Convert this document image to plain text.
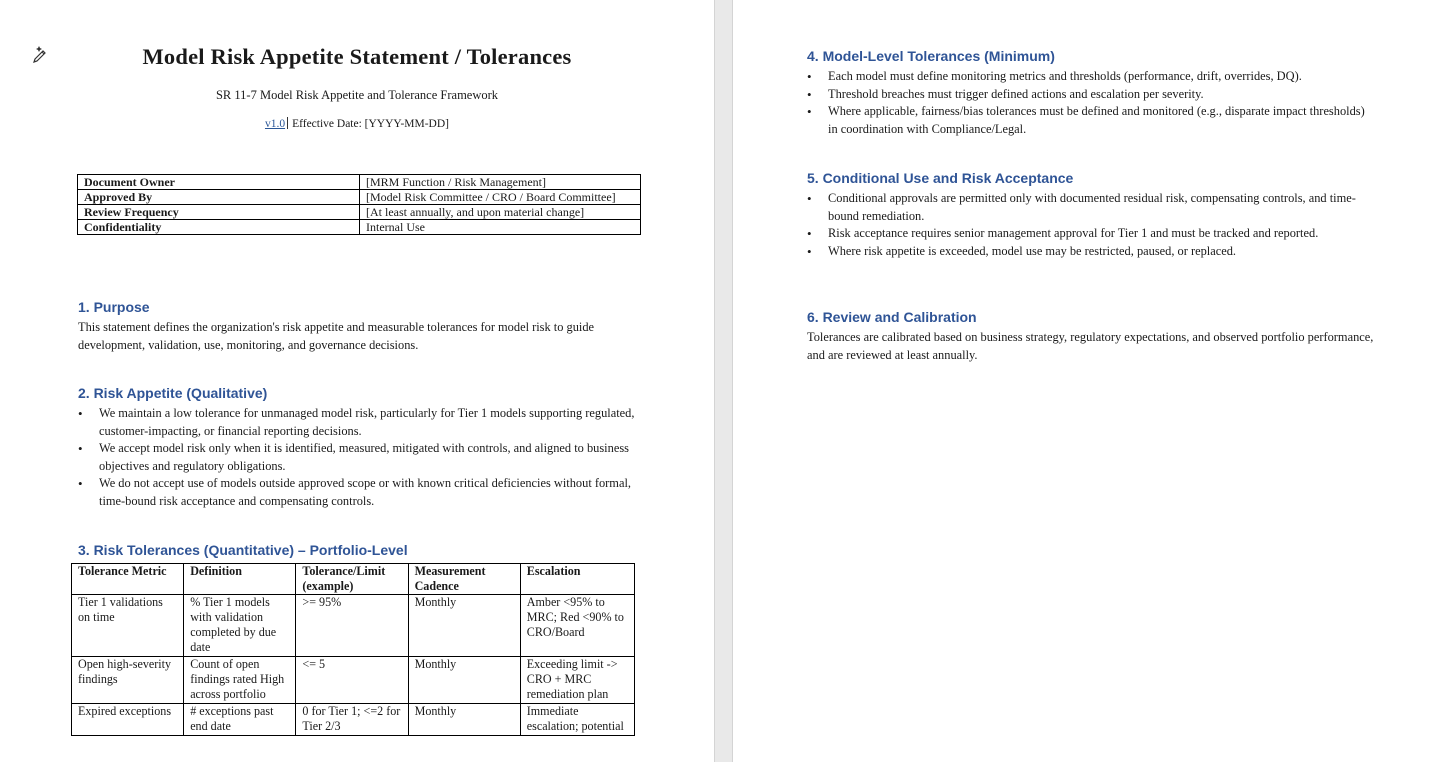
Model Risk Appetite Statement / Tolerances
SR 11-7 Model Risk Appetite and Tolerance Framework
v1.0 Effective Date: [YYYY-MM-DD]
Document Owner	[MRM Function / Risk Management]
Approved By	[Model Risk Committee / CRO / Board Committee]
Review Frequency	[At least annually, and upon material change]
Confidentiality	Internal Use
1. Purpose

This statement defines the organization's risk appetite and measurable tolerances for model risk to guide development, validation, use, monitoring, and governance decisions.

2. Risk Appetite (Qualitative)
• We maintain a low tolerance for unmanaged model risk, particularly for Tier 1 models supporting regulated, customer-impacting, or financial reporting decisions.
• We accept model risk only when it is identified, measured, mitigated with controls, and aligned to business objectives and regulatory obligations.
• We do not accept use of models outside approved scope or with known critical deficiencies without formal, time-bound risk acceptance and compensating controls.
3. Risk Tolerances (Quantitative) – Portfolio-Level
Tolerance Metric	Definition	Tolerance/Limit (example)	Measurement Cadence	Escalation
Tier 1 validations on time	% Tier 1 models with validation completed by due date	>= 95%	Monthly	Amber <95% to MRC; Red <90% to CRO/Board
Open high-severity findings	Count of open findings rated High across portfolio	<= 5	Monthly	Exceeding limit -> CRO + MRC remediation plan
Expired exceptions	# exceptions past end date	0 for Tier 1; <=2 for Tier 2/3	Monthly	Immediate escalation; potential
4. Model-Level Tolerances (Minimum)
• Each model must define monitoring metrics and thresholds (performance, drift, overrides, DQ).
• Threshold breaches must trigger defined actions and escalation per severity.
• Where applicable, fairness/bias tolerances must be defined and monitored (e.g., disparate impact thresholds) in coordination with Compliance/Legal.
5. Conditional Use and Risk Acceptance
• Conditional approvals are permitted only with documented residual risk, compensating controls, and time-bound remediation.
• Risk acceptance requires senior management approval for Tier 1 and must be tracked and reported.
• Where risk appetite is exceeded, model use may be restricted, paused, or replaced.
6. Review and Calibration

Tolerances are calibrated based on business strategy, regulatory expectations, and observed portfolio performance, and are reviewed at least annually.
